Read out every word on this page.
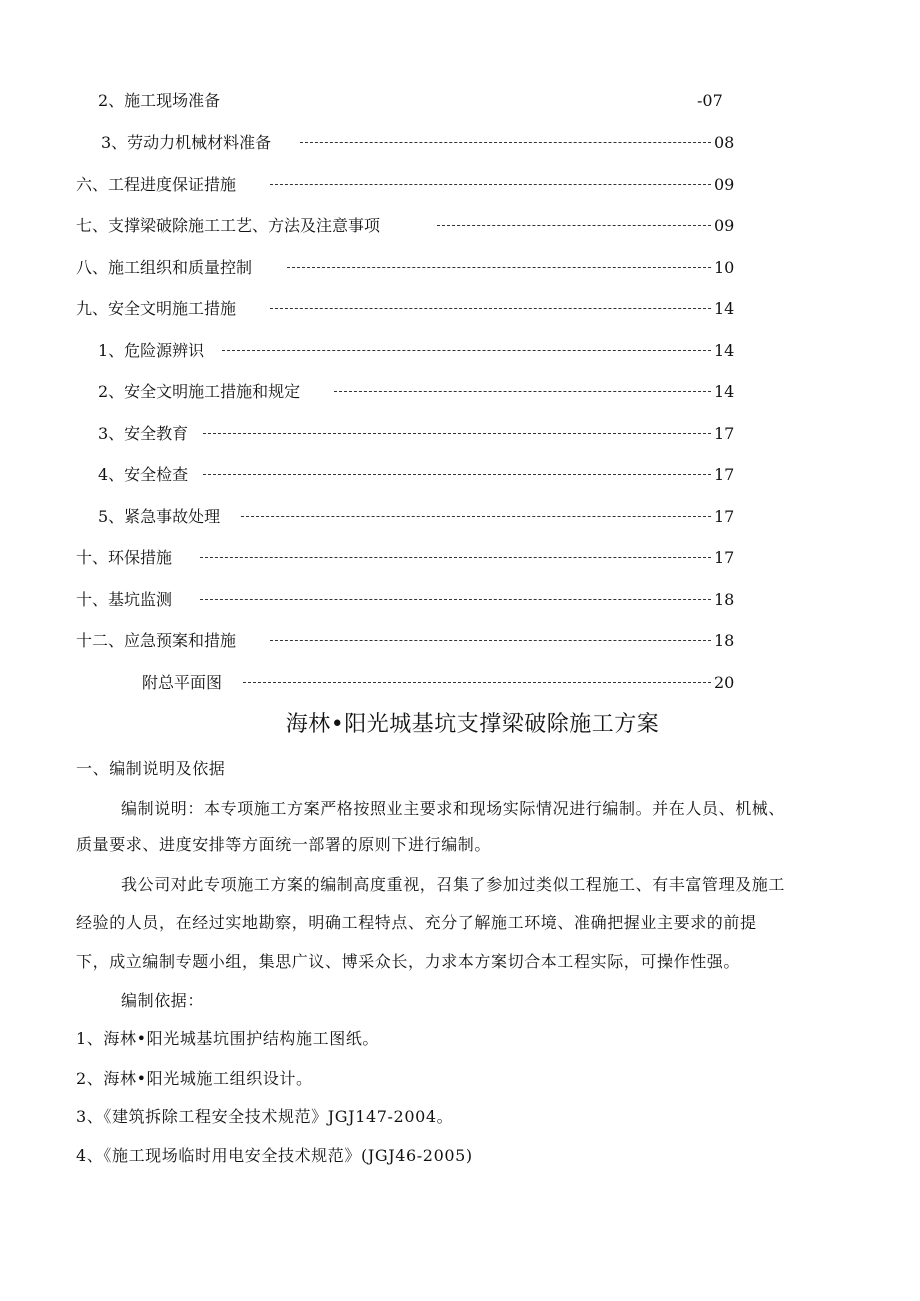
2、施工现场准备	-07
3、劳动力机械材料准备	08
六、工程进度保证措施	09
七、支撑梁破除施工工艺、方法及注意事项	09
八、施工组织和质量控制	10
九、安全文明施工措施	14
1、危险源辨识	14
2、安全文明施工措施和规定	14
3、安全教育	17
4、安全检查	17
5、紧急事故处理	17
十、环保措施	17
十、基坑监测	18
十二、应急预案和措施	18
附总平面图	20
海林•阳光城基坑支撑梁破除施工方案
一、编制说明及依据
编制说明：本专项施工方案严格按照业主要求和现场实际情况进行编制。并在人员、机械、
质量要求、进度安排等方面统一部署的原则下进行编制。
我公司对此专项施工方案的编制高度重视，召集了参加过类似工程施工、有丰富管理及施工
经验的人员，在经过实地勘察，明确工程特点、充分了解施工环境、准确把握业主要求的前提
下，成立编制专题小组，集思广议、博采众长，力求本方案切合本工程实际，可操作性强。
编制依据：
1、海林•阳光城基坑围护结构施工图纸。
2、海林•阳光城施工组织设计。
3、《建筑拆除工程安全技术规范》JGJ147-2004。
4、《施工现场临时用电安全技术规范》(JGJ46-2005)
